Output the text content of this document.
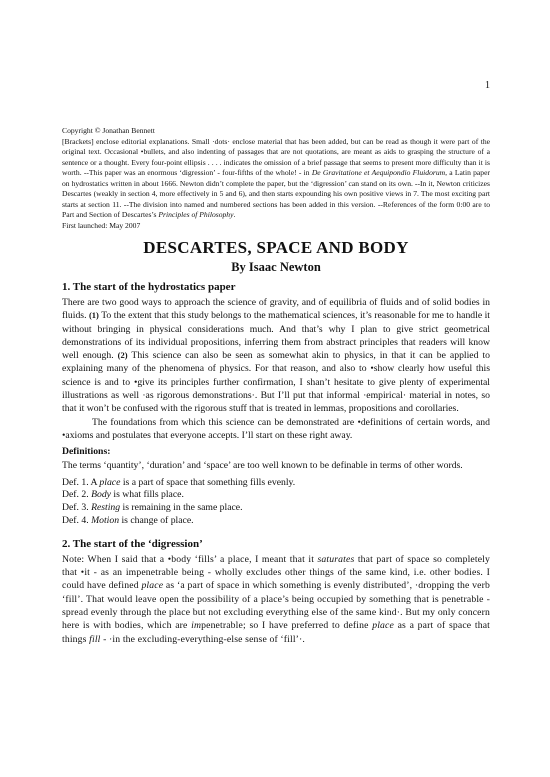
1

Copyright © Jonathan Bennett

[Brackets] enclose editorial explanations. Small ·dots· enclose material that has been added, but can be read as though it were part of the original text. Occasional •bullets, and also indenting of passages that are not quotations, are meant as aids to grasping the structure of a sentence or a thought. Every four-point ellipsis . . . . indicates the omission of a brief passage that seems to present more difficulty than it is worth. --This paper was an enormous ‘digression’ - four-fifths of the whole! - in De Gravitatione et Aequipondio Fluidorum, a Latin paper on hydrostatics written in about 1666. Newton didn’t complete the paper, but the ‘digression’ can stand on its own. --In it, Newton criticizes Descartes (weakly in section 4, more effectively in 5 and 6), and then starts expounding his own positive views in 7. The most exciting part starts at section 11. --The division into named and numbered sections has been added in this version. --References of the form 0:00 are to Part and Section of Descartes’s Principles of Philosophy.

First launched: May 2007

DESCARTES, SPACE AND BODY
By Isaac Newton
1. The start of the hydrostatics paper

There are two good ways to approach the science of gravity, and of equilibria of fluids and of solid bodies in fluids. (1) To the extent that this study belongs to the mathematical sciences, it’s reasonable for me to handle it without bringing in physical considerations much. And that’s why I plan to give strict geometrical demonstrations of its individual propositions, inferring them from abstract principles that readers will know well enough. (2) This science can also be seen as somewhat akin to physics, in that it can be applied to explaining many of the phenomena of physics. For that reason, and also to •show clearly how useful this science is and to •give its principles further confirmation, I shan’t hesitate to give plenty of experimental illustrations as well ·as rigorous demonstrations·. But I’ll put that informal ·empirical· material in notes, so that it won’t be confused with the rigorous stuff that is treated in lemmas, propositions and corollaries.

The foundations from which this science can be demonstrated are •definitions of certain words, and •axioms and postulates that everyone accepts. I’ll start on these right away.

Definitions:
The terms ‘quantity’, ‘duration’ and ‘space’ are too well known to be definable in terms of other words.
Def. 1. A place is a part of space that something fills evenly.
Def. 2. Body is what fills place.
Def. 3. Resting is remaining in the same place.
Def. 4. Motion is change of place.
2. The start of the ‘digression’

Note: When I said that a •body ‘fills’ a place, I meant that it saturates that part of space so completely that •it - as an impenetrable being - wholly excludes other things of the same kind, i.e. other bodies. I could have defined place as ‘a part of space in which something is evenly distributed’, ·dropping the verb ‘fill’. That would leave open the possibility of a place’s being occupied by something that is penetrable - spread evenly through the place but not excluding everything else of the same kind·. But my only concern here is with bodies, which are impenetrable; so I have preferred to define place as a part of space that things fill - ·in the excluding-everything-else sense of ‘fill’·.
